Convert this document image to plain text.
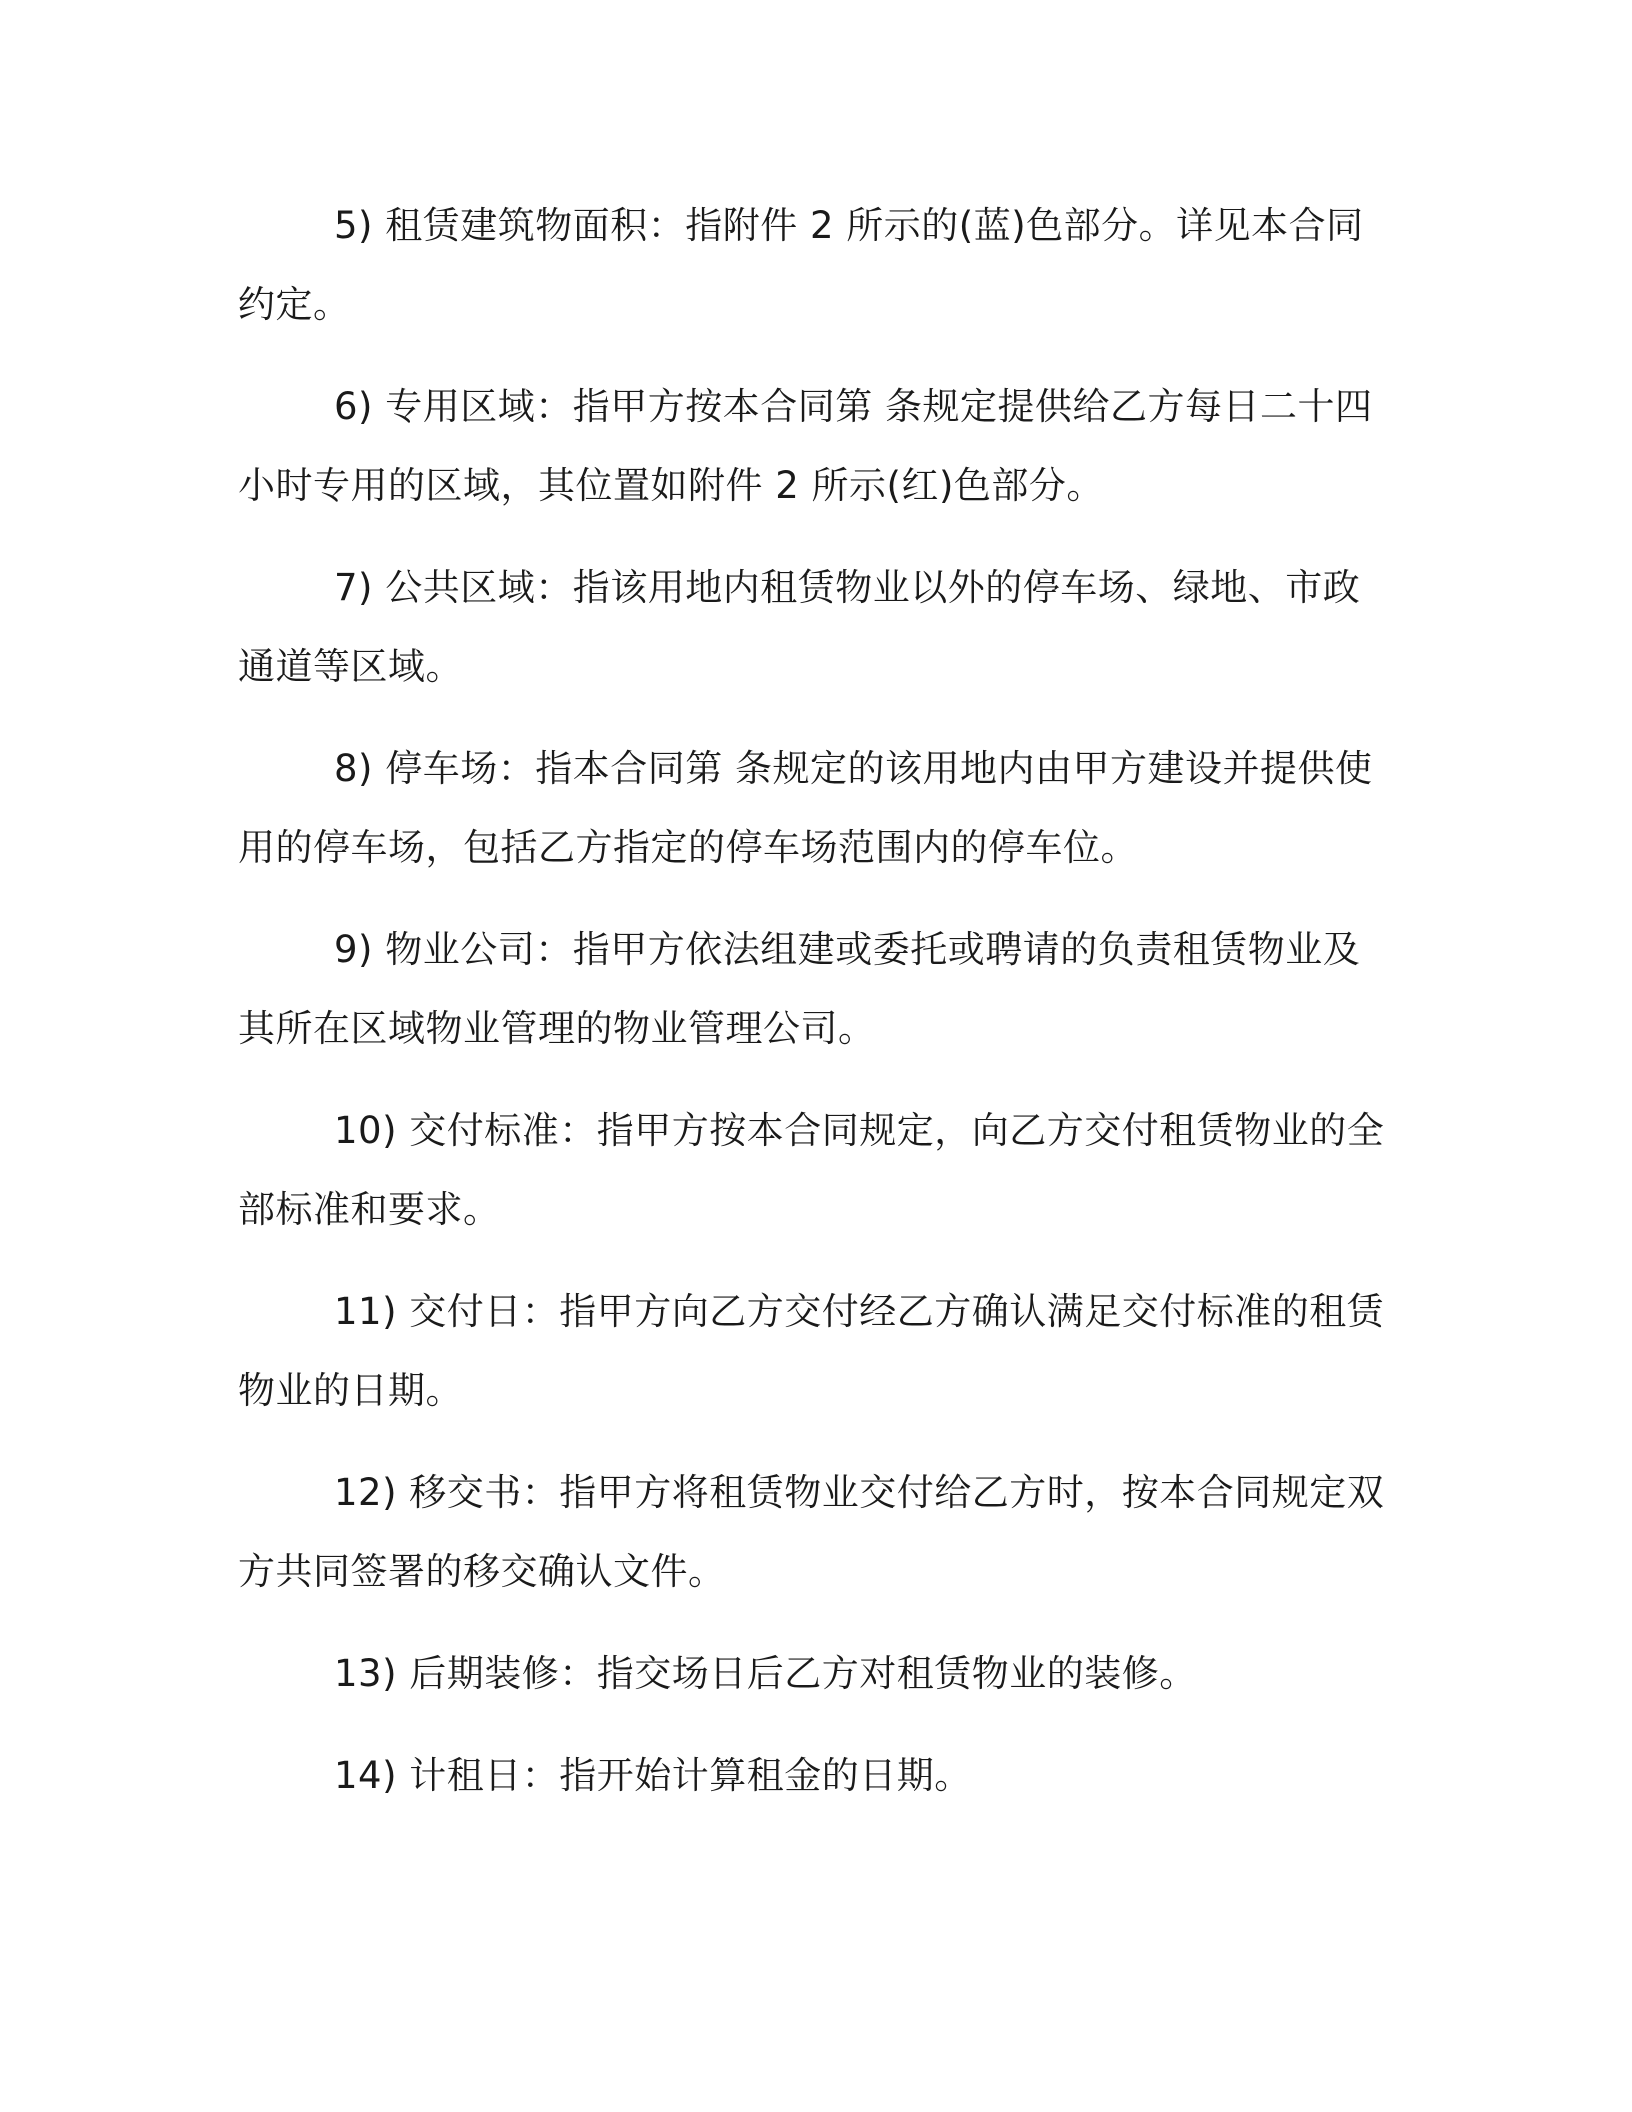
5) 租赁建筑物面积：指附件 2 所示的(蓝)色部分。详见本合同约定。

6) 专用区域：指甲方按本合同第 条规定提供给乙方每日二十四小时专用的区域，其位置如附件 2 所示(红)色部分。

7) 公共区域：指该用地内租赁物业以外的停车场、绿地、市政通道等区域。

8) 停车场：指本合同第 条规定的该用地内由甲方建设并提供使用的停车场，包括乙方指定的停车场范围内的停车位。

9) 物业公司：指甲方依法组建或委托或聘请的负责租赁物业及其所在区域物业管理的物业管理公司。

10) 交付标准：指甲方按本合同规定，向乙方交付租赁物业的全部标准和要求。

11) 交付日：指甲方向乙方交付经乙方确认满足交付标准的租赁物业的日期。

12) 移交书：指甲方将租赁物业交付给乙方时，按本合同规定双方共同签署的移交确认文件。

13) 后期装修：指交场日后乙方对租赁物业的装修。

14) 计租日：指开始计算租金的日期。
